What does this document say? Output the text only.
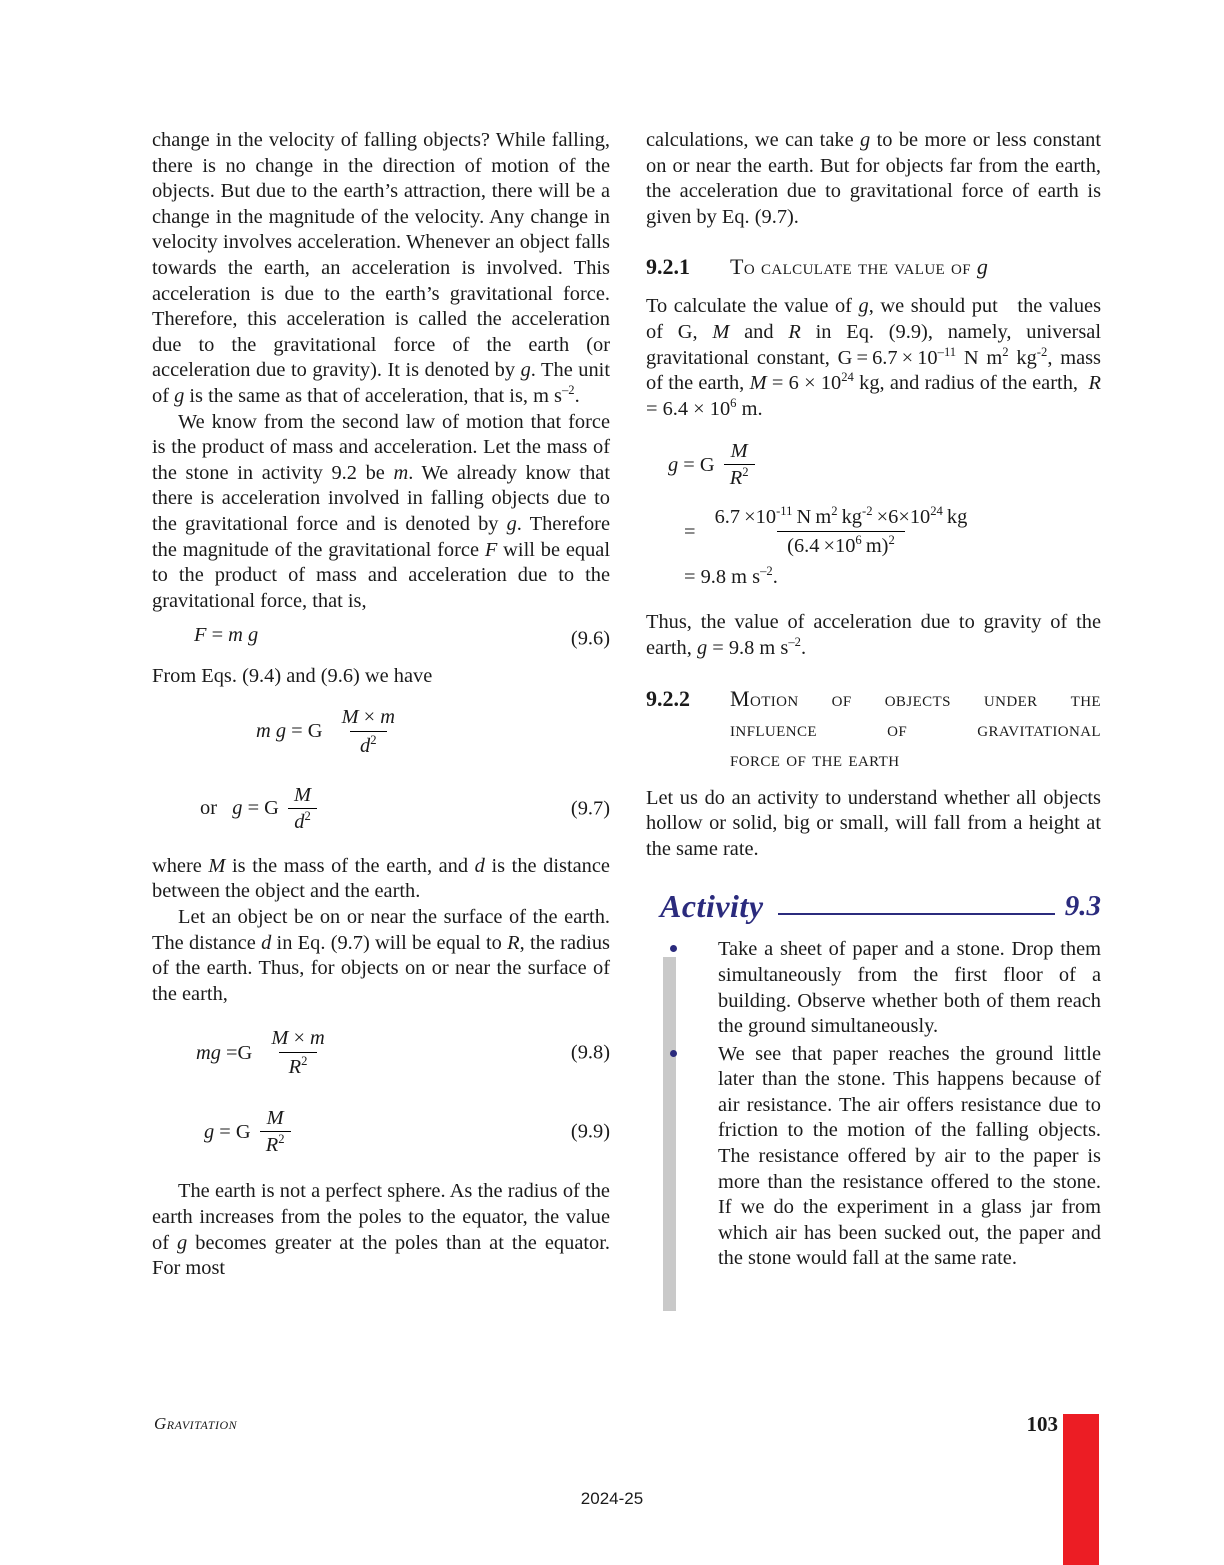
change in the velocity of falling objects? While falling, there is no change in the direction of motion of the objects. But due to the earth’s attraction, there will be a change in the magnitude of the velocity. Any change in velocity involves acceleration. Whenever an object falls towards the earth, an acceleration is involved. This acceleration is due to the earth’s gravitational force. Therefore, this acceleration is called the acceleration due to the gravitational force of the earth (or acceleration due to gravity). It is denoted by g. The unit of g is the same as that of acceleration, that is, m $s^{-2}$.

We know from the second law of motion that force is the product of mass and acceleration. Let the mass of the stone in activity 9.2 be m. We already know that there is acceleration involved in falling objects due to the gravitational force and is denoted by g. Therefore the magnitude of the gravitational force F will be equal to the product of mass and acceleration due to the gravitational force, that is,

F = m g	(9.6)

From Eqs. (9.4) and (9.6) we have

m g = G $\frac{M \times m}{d^2}$
or g = G $\frac{M}{d^2}$	(9.7)

where M is the mass of the earth, and d is the distance between the object and the earth.

Let an object be on or near the surface of the earth. The distance d in Eq. (9.7) will be equal to R, the radius of the earth. Thus, for objects on or near the surface of the earth,

mg $=G \frac{M \times m}{R^2}$	(9.8)
g = G $\frac{M}{R^2}$	(9.9)

The earth is not a perfect sphere. As the radius of the earth increases from the poles to the equator, the value of g becomes greater at the poles than at the equator. For most

calculations, we can take g to be more or less constant on or near the earth. But for objects far from the earth, the acceleration due to gravitational force of earth is given by Eq. (9.7).

9.2.1	To calculate the value of g

To calculate the value of g, we should put   the values of G, M and R in Eq. (9.9), namely, universal gravitational constant, $G = 6.7 \times 10^{-11}$ N $m^2$ $kg^{-2}$, mass of the earth, $M = 6 \times 10^{24}$ kg, and radius of the earth,  $R = 6.4 \times 10^6$ m.

g = G $\frac{M}{R^2}$
= $\frac{6.7 \times 10^{-11} N m^2 kg^{-2} \times 6\times 10^{24} kg}{(6.4 \times 10^6 m)^2}$
= 9.8 m $s^{-2}$.

Thus, the value of acceleration due to gravity of the earth, g = 9.8 m $s^{-2}$.

9.2.2	Motion of objects under the
influence of gravitational
force of the earth

Let us do an activity to understand whether all objects hollow or solid, big or small, will fall from a height at the same rate.

Activity	9.3
Take a sheet of paper and a stone. Drop them simultaneously from the first floor of a building. Observe whether both of them reach the ground simultaneously.
We see that paper reaches the ground little later than the stone. This happens because of air resistance. The air offers resistance due to friction to the motion of the falling objects. The resistance offered by air to the paper is more than the resistance offered to the stone. If we do the experiment in a glass jar from which air has been sucked out, the paper and the stone would fall at the same rate.
Gravitation	103
2024-25
